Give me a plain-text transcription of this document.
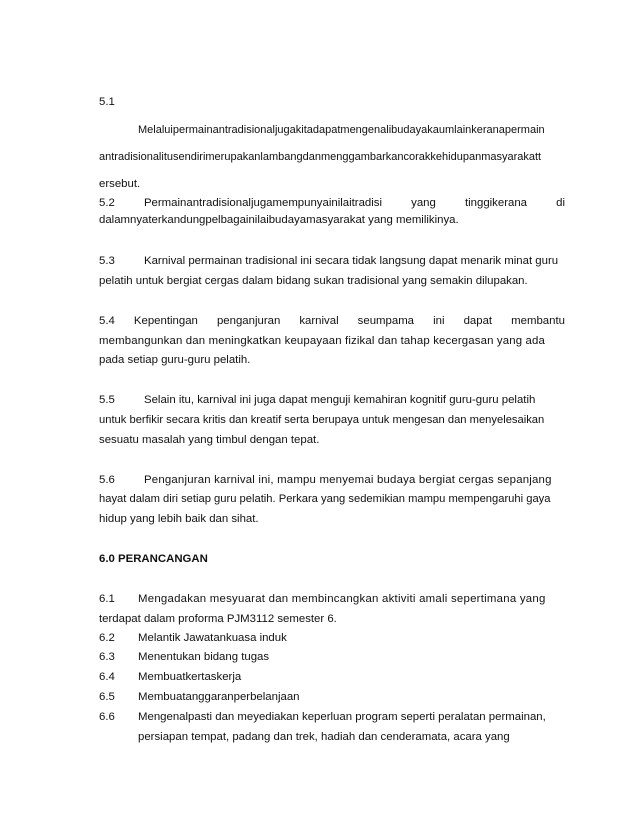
5.1
Melaluipermainantradisionaljugakitadapatmengenalibudayakaumlainkeranapermain
antradisionalitusendirimerupakanlambangdanmenggambarkancorakkehidupanmasyarakatt
ersebut.
5.2	Permainantradisionaljugamempunyainilaitradisi	yang	tinggikerana	di
dalamnyaterkandungpelbagainilaibudayamasyarakat yang memilikinya.
5.3	Karnival permainan tradisional ini secara tidak langsung dapat menarik minat guru
pelatih untuk bergiat cergas dalam bidang sukan tradisional yang semakin dilupakan.
5.4 Kepentingan penganjuran karnival seumpama ini dapat membantu
membangunkan dan meningkatkan keupayaan fizikal dan tahap kecergasan yang ada
pada setiap guru-guru pelatih.
5.5	Selain itu, karnival ini juga dapat menguji kemahiran kognitif guru-guru pelatih
untuk berfikir secara kritis dan kreatif serta berupaya untuk mengesan dan menyelesaikan
sesuatu masalah yang timbul dengan tepat.
5.6	Penganjuran karnival ini, mampu menyemai budaya bergiat cergas sepanjang
hayat dalam diri setiap guru pelatih. Perkara yang sedemikian mampu mempengaruhi gaya
hidup yang lebih baik dan sihat.
6.0 PERANCANGAN
6.1	Mengadakan mesyuarat dan membincangkan aktiviti amali sepertimana yang
terdapat dalam proforma PJM3112 semester 6.
6.2 Melantik Jawatankuasa induk
6.3 Menentukan bidang tugas
6.4 Membuatkertaskerja
6.5 Membuatanggaranperbelanjaan
6.6 Mengenalpasti dan meyediakan keperluan program seperti peralatan permainan,
persiapan tempat, padang dan trek, hadiah dan cenderamata, acara yang
